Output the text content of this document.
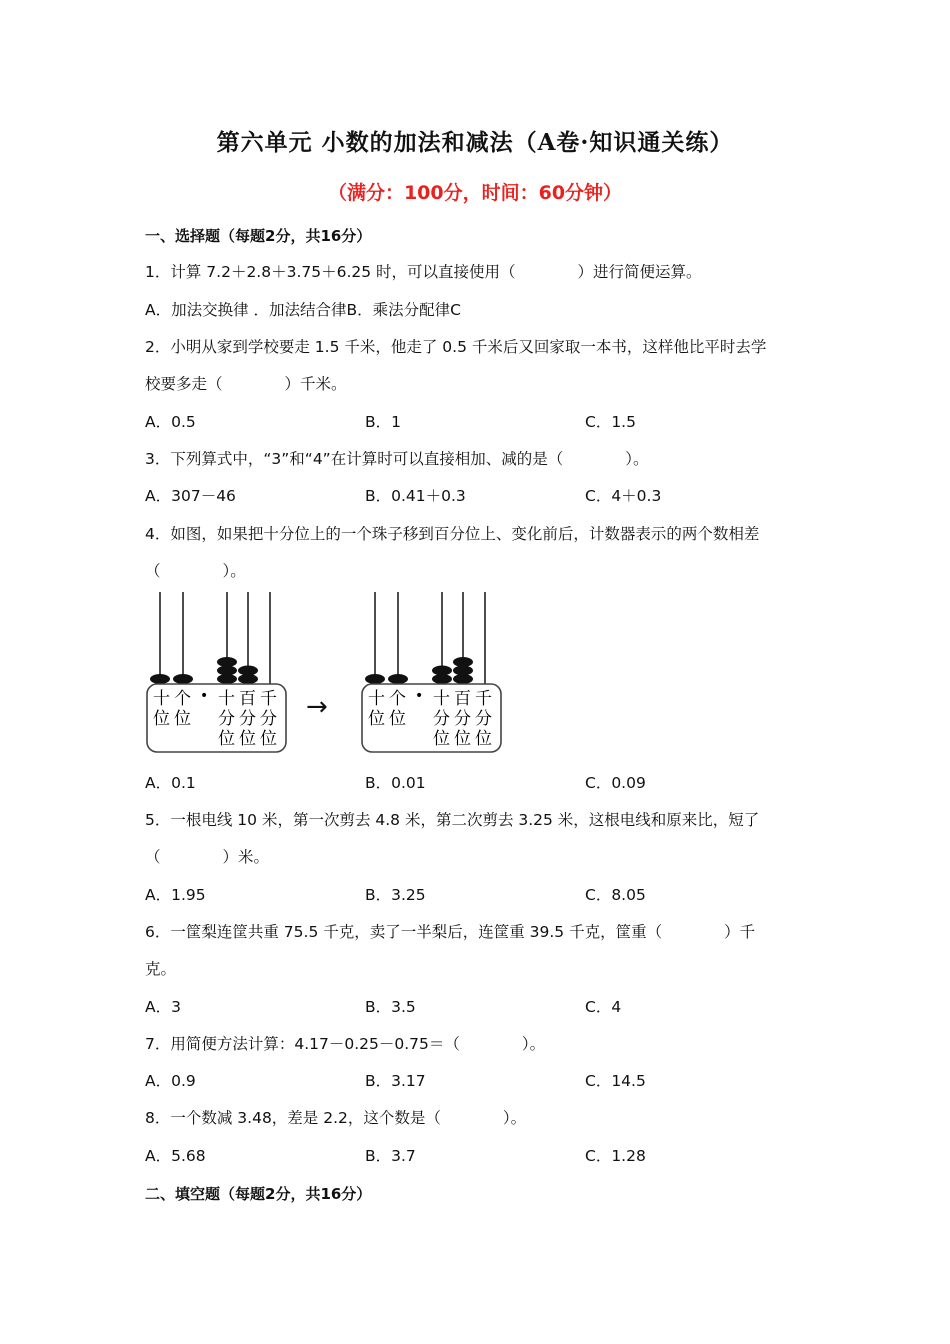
第六单元 小数的加法和减法（A卷·知识通关练）
（满分：100分，时间：60分钟）
一、选择题（每题2分，共16分）
1．计算 7.2＋2.8＋3.75＋6.25 时，可以直接使用（　　　　）进行简便运算。
A．加法交换律 ．加法结合律B．乘法分配律C
2．小明从家到学校要走 1.5 千米，他走了 0.5 千米后又回家取一本书，这样他比平时去学
校要多走（　　　　）千米。
A．0.5	B．1	C．1.5
3．下列算式中，“3”和“4”在计算时可以直接相加、减的是（　　　　）。
A．307－46	B．0.41＋0.3	C．4＋0.3
4．如图，如果把十分位上的一个珠子移到百分位上、变化前后，计数器表示的两个数相差
（　　　　）。
十 个
位 位
• 十 百 千
分 分 分
位 位 位
→ 十 个
位 位
• 十 百 千
分 分 分
位 位 位
A．0.1	B．0.01	C．0.09
5．一根电线 10 米，第一次剪去 4.8 米，第二次剪去 3.25 米，这根电线和原来比，短了
（　　　　）米。
A．1.95	B．3.25	C．8.05
6．一筐梨连筐共重 75.5 千克，卖了一半梨后，连筐重 39.5 千克，筐重（　　　　）千
克。
A．3	B．3.5	C．4
7．用简便方法计算：4.17－0.25－0.75＝（　　　　）。
A．0.9	B．3.17	C．14.5
8．一个数减 3.48，差是 2.2，这个数是（　　　　）。
A．5.68	B．3.7	C．1.28
二、填空题（每题2分，共16分）
